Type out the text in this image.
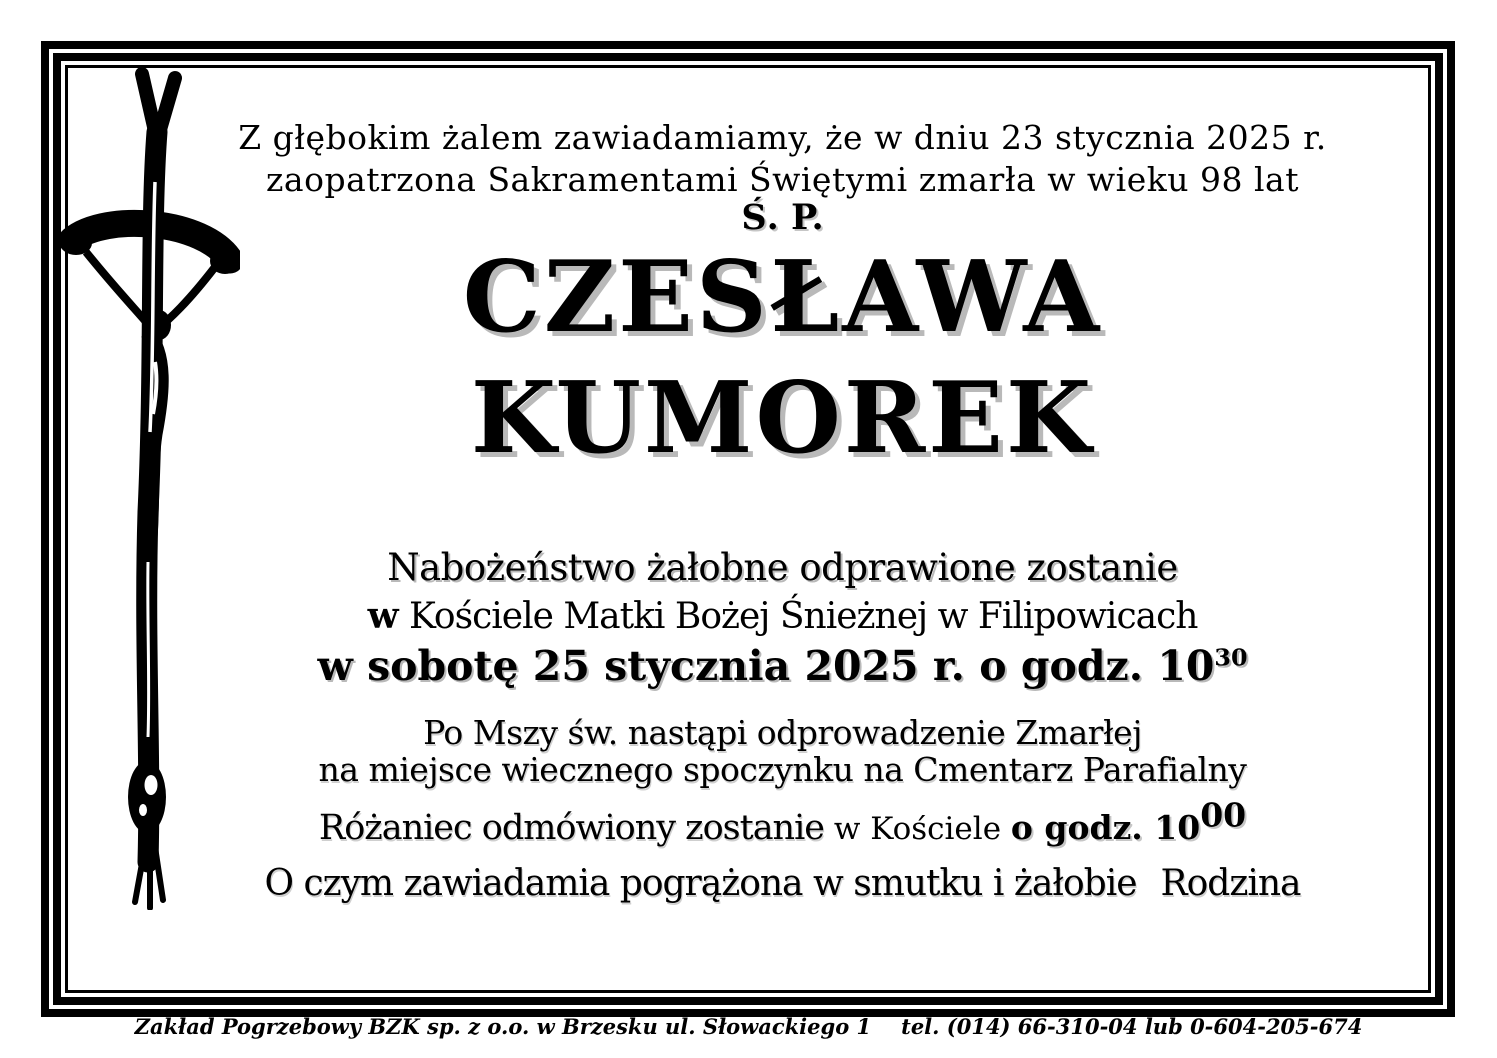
Z głębokim żalem zawiadamiamy, że w dniu 23 stycznia 2025 r.
zaopatrzona Sakramentami Świętymi zmarła w wieku 98 lat
Ś. P.
CZESŁAWA
KUMOREK
Nabożeństwo żałobne odprawione zostanie
w Kościele Matki Bożej Śnieżnej w Filipowicach
w sobotę 25 stycznia 2025 r. o godz. $10^{30}$
Po Mszy św. nastąpi odprowadzenie Zmarłej
na miejsce wiecznego spoczynku na Cmentarz Parafialny
Różaniec odmówiony zostanie w Kościele o godz. $10^{00}$
O czym zawiadamia pogrążona w smutku i żałobie Rodzina
Zakład Pogrzebowy BZK sp. z o.o. w Brzesku ul. Słowackiego 1 tel. (014) 66-310-04 lub 0-604-205-674
